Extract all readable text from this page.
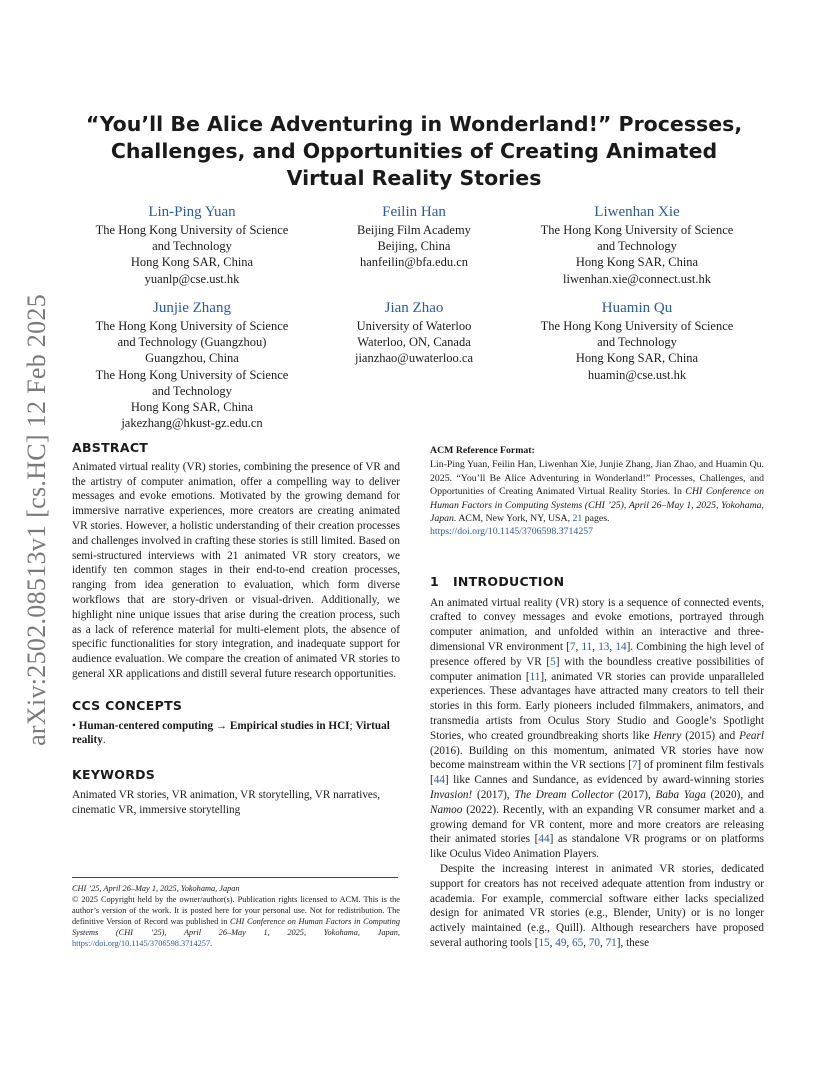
arXiv:2502.08513v1 [cs.HC] 12 Feb 2025
“You’ll Be Alice Adventuring in Wonderland!” Processes, Challenges, and Opportunities of Creating Animated Virtual Reality Stories
Lin-Ping Yuan
The Hong Kong University of Science
and Technology
Hong Kong SAR, China
yuanlp@cse.ust.hk
Feilin Han
Beijing Film Academy
Beijing, China
hanfeilin@bfa.edu.cn
Liwenhan Xie
The Hong Kong University of Science
and Technology
Hong Kong SAR, China
liwenhan.xie@connect.ust.hk
Junjie Zhang
The Hong Kong University of Science
and Technology (Guangzhou)
Guangzhou, China
The Hong Kong University of Science
and Technology
Hong Kong SAR, China
jakezhang@hkust-gz.edu.cn
Jian Zhao
University of Waterloo
Waterloo, ON, Canada
jianzhao@uwaterloo.ca
Huamin Qu
The Hong Kong University of Science
and Technology
Hong Kong SAR, China
huamin@cse.ust.hk
ABSTRACT

Animated virtual reality (VR) stories, combining the presence of VR and the artistry of computer animation, offer a compelling way to deliver messages and evoke emotions. Motivated by the growing demand for immersive narrative experiences, more creators are creating animated VR stories. However, a holistic understanding of their creation processes and challenges involved in crafting these stories is still limited. Based on semi-structured interviews with 21 animated VR story creators, we identify ten common stages in their end-to-end creation processes, ranging from idea generation to evaluation, which form diverse workflows that are story-driven or visual-driven. Additionally, we highlight nine unique issues that arise during the creation process, such as a lack of reference material for multi-element plots, the absence of specific functionalities for story integration, and inadequate support for audience evaluation. We compare the creation of animated VR stories to general XR applications and distill several future research opportunities.

CCS CONCEPTS

• Human-centered computing → Empirical studies in HCI; Virtual reality.

KEYWORDS

Animated VR stories, VR animation, VR storytelling, VR narratives, cinematic VR, immersive storytelling

CHI ’25, April 26–May 1, 2025, Yokohama, Japan

© 2025 Copyright held by the owner/author(s). Publication rights licensed to ACM. This is the author’s version of the work. It is posted here for your personal use. Not for redistribution. The definitive Version of Record was published in CHI Conference on Human Factors in Computing Systems (CHI ’25), April 26–May 1, 2025, Yokohama, Japan, https://doi.org/10.1145/3706598.3714257.

ACM Reference Format:

Lin-Ping Yuan, Feilin Han, Liwenhan Xie, Junjie Zhang, Jian Zhao, and Huamin Qu. 2025. “You’ll Be Alice Adventuring in Wonderland!” Processes, Challenges, and Opportunities of Creating Animated Virtual Reality Stories. In CHI Conference on Human Factors in Computing Systems (CHI ’25), April 26–May 1, 2025, Yokohama, Japan. ACM, New York, NY, USA, 21 pages.
https://doi.org/10.1145/3706598.3714257

1   INTRODUCTION

An animated virtual reality (VR) story is a sequence of connected events, crafted to convey messages and evoke emotions, portrayed through computer animation, and unfolded within an interactive and three-dimensional VR environment [7, 11, 13, 14]. Combining the high level of presence offered by VR [5] with the boundless creative possibilities of computer animation [11], animated VR stories can provide unparalleled experiences. These advantages have attracted many creators to tell their stories in this form. Early pioneers included filmmakers, animators, and transmedia artists from Oculus Story Studio and Google’s Spotlight Stories, who created groundbreaking shorts like Henry (2015) and Pearl (2016). Building on this momentum, animated VR stories have now become mainstream within the VR sections [7] of prominent film festivals [44] like Cannes and Sundance, as evidenced by award-winning stories Invasion! (2017), The Dream Collector (2017), Baba Yaga (2020), and Namoo (2022). Recently, with an expanding VR consumer market and a growing demand for VR content, more and more creators are releasing their animated stories [44] as standalone VR programs or on platforms like Oculus Video Animation Players.

Despite the increasing interest in animated VR stories, dedicated support for creators has not received adequate attention from industry or academia. For example, commercial software either lacks specialized design for animated VR stories (e.g., Blender, Unity) or is no longer actively maintained (e.g., Quill). Although researchers have proposed several authoring tools [15, 49, 65, 70, 71], these
